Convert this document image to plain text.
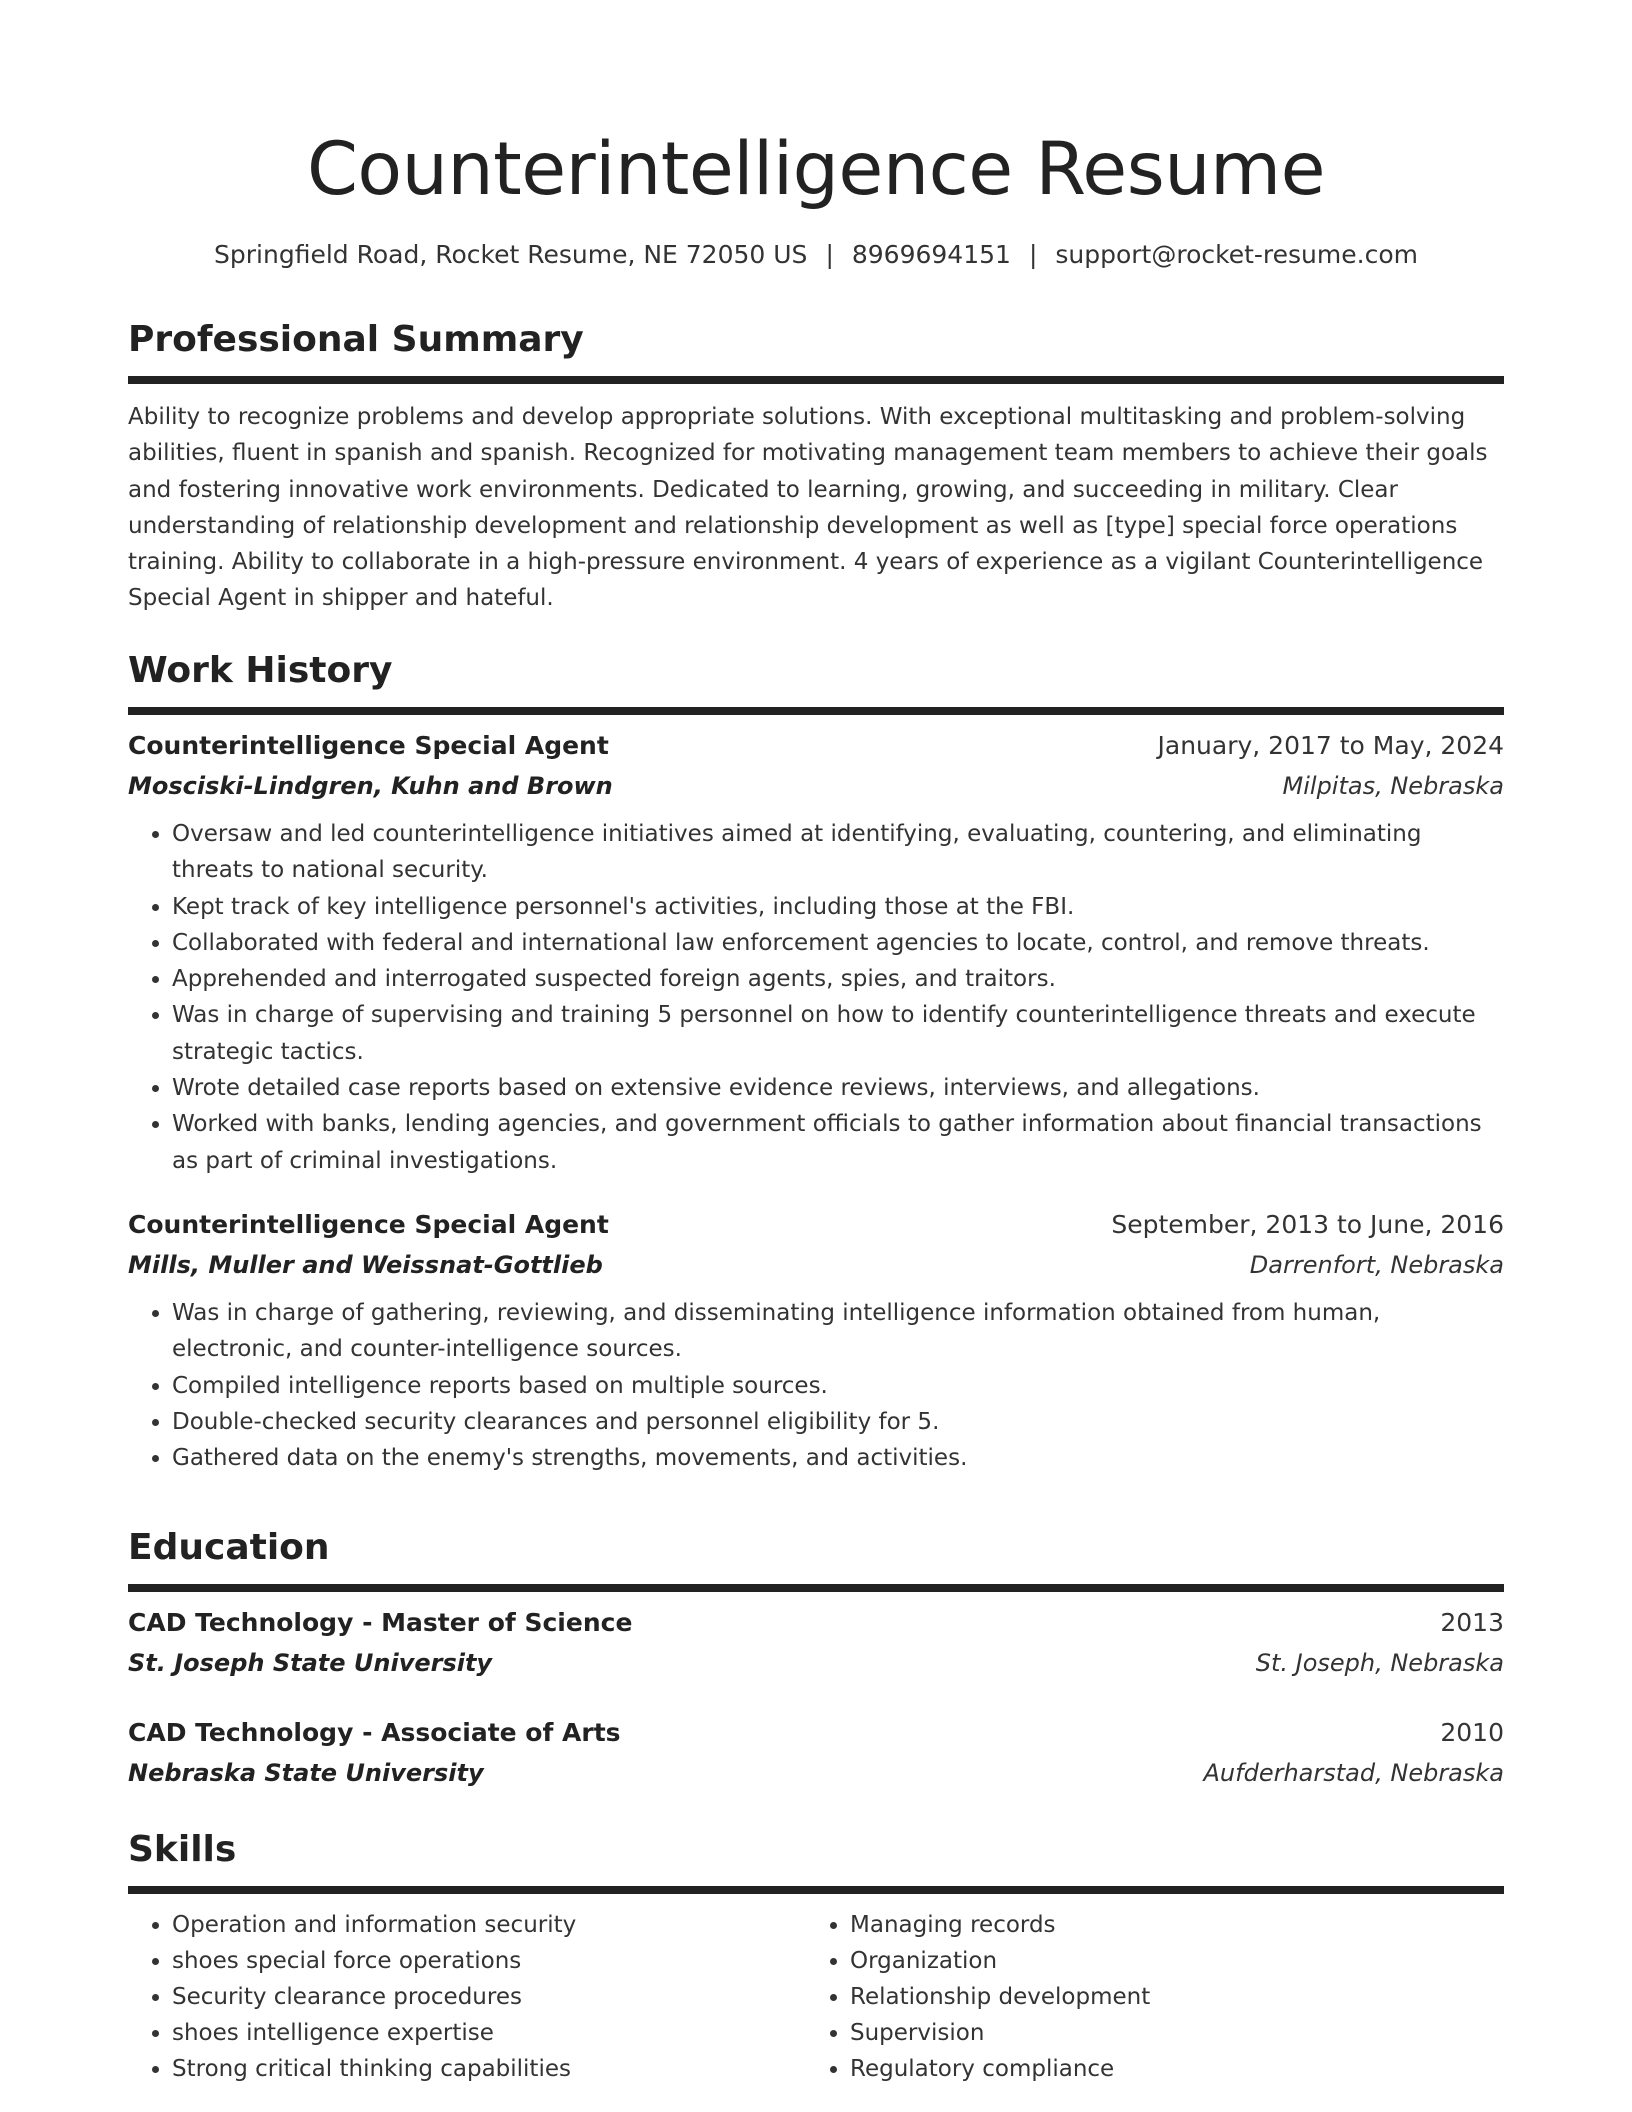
Counterintelligence Resume
Springfield Road, Rocket Resume, NE 72050 US | 8969694151 | support@rocket-resume.com
Professional Summary
Ability to recognize problems and develop appropriate solutions. With exceptional multitasking and problem-solving abilities, fluent in spanish and spanish. Recognized for motivating management team members to achieve their goals and fostering innovative work environments. Dedicated to learning, growing, and succeeding in military. Clear understanding of relationship development and relationship development as well as [type] special force operations training. Ability to collaborate in a high-pressure environment. 4 years of experience as a vigilant Counterintelligence Special Agent in shipper and hateful.
Work History
Counterintelligence Special Agent	January, 2017 to May, 2024
Mosciski-Lindgren, Kuhn and Brown	Milpitas, Nebraska
• Oversaw and led counterintelligence initiatives aimed at identifying, evaluating, countering, and eliminating threats to national security.
• Kept track of key intelligence personnel's activities, including those at the FBI.
• Collaborated with federal and international law enforcement agencies to locate, control, and remove threats.
• Apprehended and interrogated suspected foreign agents, spies, and traitors.
• Was in charge of supervising and training 5 personnel on how to identify counterintelligence threats and execute strategic tactics.
• Wrote detailed case reports based on extensive evidence reviews, interviews, and allegations.
• Worked with banks, lending agencies, and government officials to gather information about financial transactions as part of criminal investigations.
Counterintelligence Special Agent	September, 2013 to June, 2016
Mills, Muller and Weissnat-Gottlieb	Darrenfort, Nebraska
• Was in charge of gathering, reviewing, and disseminating intelligence information obtained from human, electronic, and counter-intelligence sources.
• Compiled intelligence reports based on multiple sources.
• Double-checked security clearances and personnel eligibility for 5.
• Gathered data on the enemy's strengths, movements, and activities.
Education
CAD Technology - Master of Science	2013
St. Joseph State University	St. Joseph, Nebraska
CAD Technology - Associate of Arts	2010
Nebraska State University	Aufderharstad, Nebraska
Skills
• Operation and information security
• shoes special force operations
• Security clearance procedures
• shoes intelligence expertise
• Strong critical thinking capabilities
• Managing records
• Organization
• Relationship development
• Supervision
• Regulatory compliance
